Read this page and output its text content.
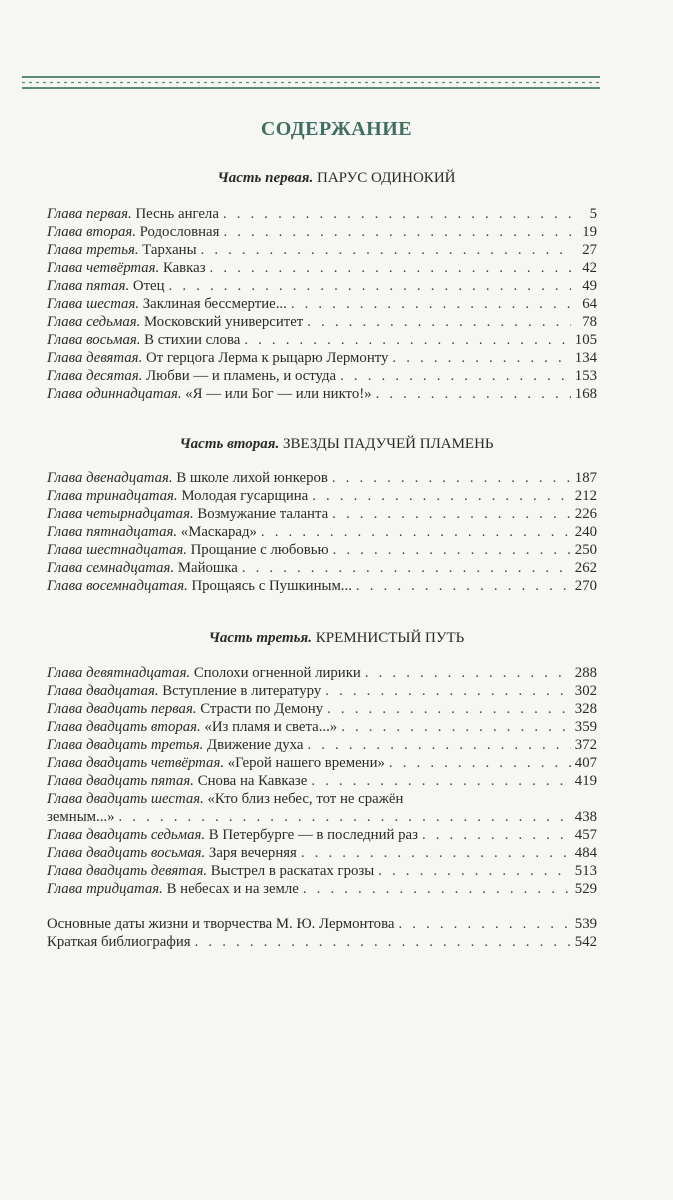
СОДЕРЖАНИЕ
Часть первая. ПАРУС ОДИНОКИЙ
Глава первая. Песнь ангела . . .	5
Глава вторая. Родословная . . .	19
Глава третья. Тарханы . . .	27
Глава четвёртая. Кавказ . . .	42
Глава пятая. Отец . . .	49
Глава шестая. Заклиная бессмертие... . . .	64
Глава седьмая. Московский университет . . .	78
Глава восьмая. В стихии слова . . .	105
Глава девятая. От герцога Лерма к рыцарю Лермонту . . .	134
Глава десятая. Любви — и пламень, и остуда . . .	153
Глава одиннадцатая. «Я — или Бог — или никто!» . . .	168
Часть вторая. ЗВЕЗДЫ ПАДУЧЕЙ ПЛАМЕНЬ
Глава двенадцатая. В школе лихой юнкеров . . .	187
Глава тринадцатая. Молодая гусарщина . . .	212
Глава четырнадцатая. Возмужание таланта . . .	226
Глава пятнадцатая. «Маскарад» . . .	240
Глава шестнадцатая. Прощание с любовью . . .	250
Глава семнадцатая. Майошка . . .	262
Глава восемнадцатая. Прощаясь с Пушкиным... . . .	270
Часть третья. КРЕМНИСТЫЙ ПУТЬ
Глава девятнадцатая. Сполохи огненной лирики . . .	288
Глава двадцатая. Вступление в литературу . . .	302
Глава двадцать первая. Страсти по Демону . . .	328
Глава двадцать вторая. «Из пламя и света...» . . .	359
Глава двадцать третья. Движение духа . . .	372
Глава двадцать четвёртая. «Герой нашего времени» . . .	407
Глава двадцать пятая. Снова на Кавказе . . .	419
Глава двадцать шестая. «Кто близ небес, тот не сражён
земным...» . . .	438
Глава двадцать седьмая. В Петербурге — в последний раз . . .	457
Глава двадцать восьмая. Заря вечерняя . . .	484
Глава двадцать девятая. Выстрел в раскатах грозы . . .	513
Глава тридцатая. В небесах и на земле . . .	529
Основные даты жизни и творчества М. Ю. Лермонтова . . .	539
Краткая библиография . . .	542
